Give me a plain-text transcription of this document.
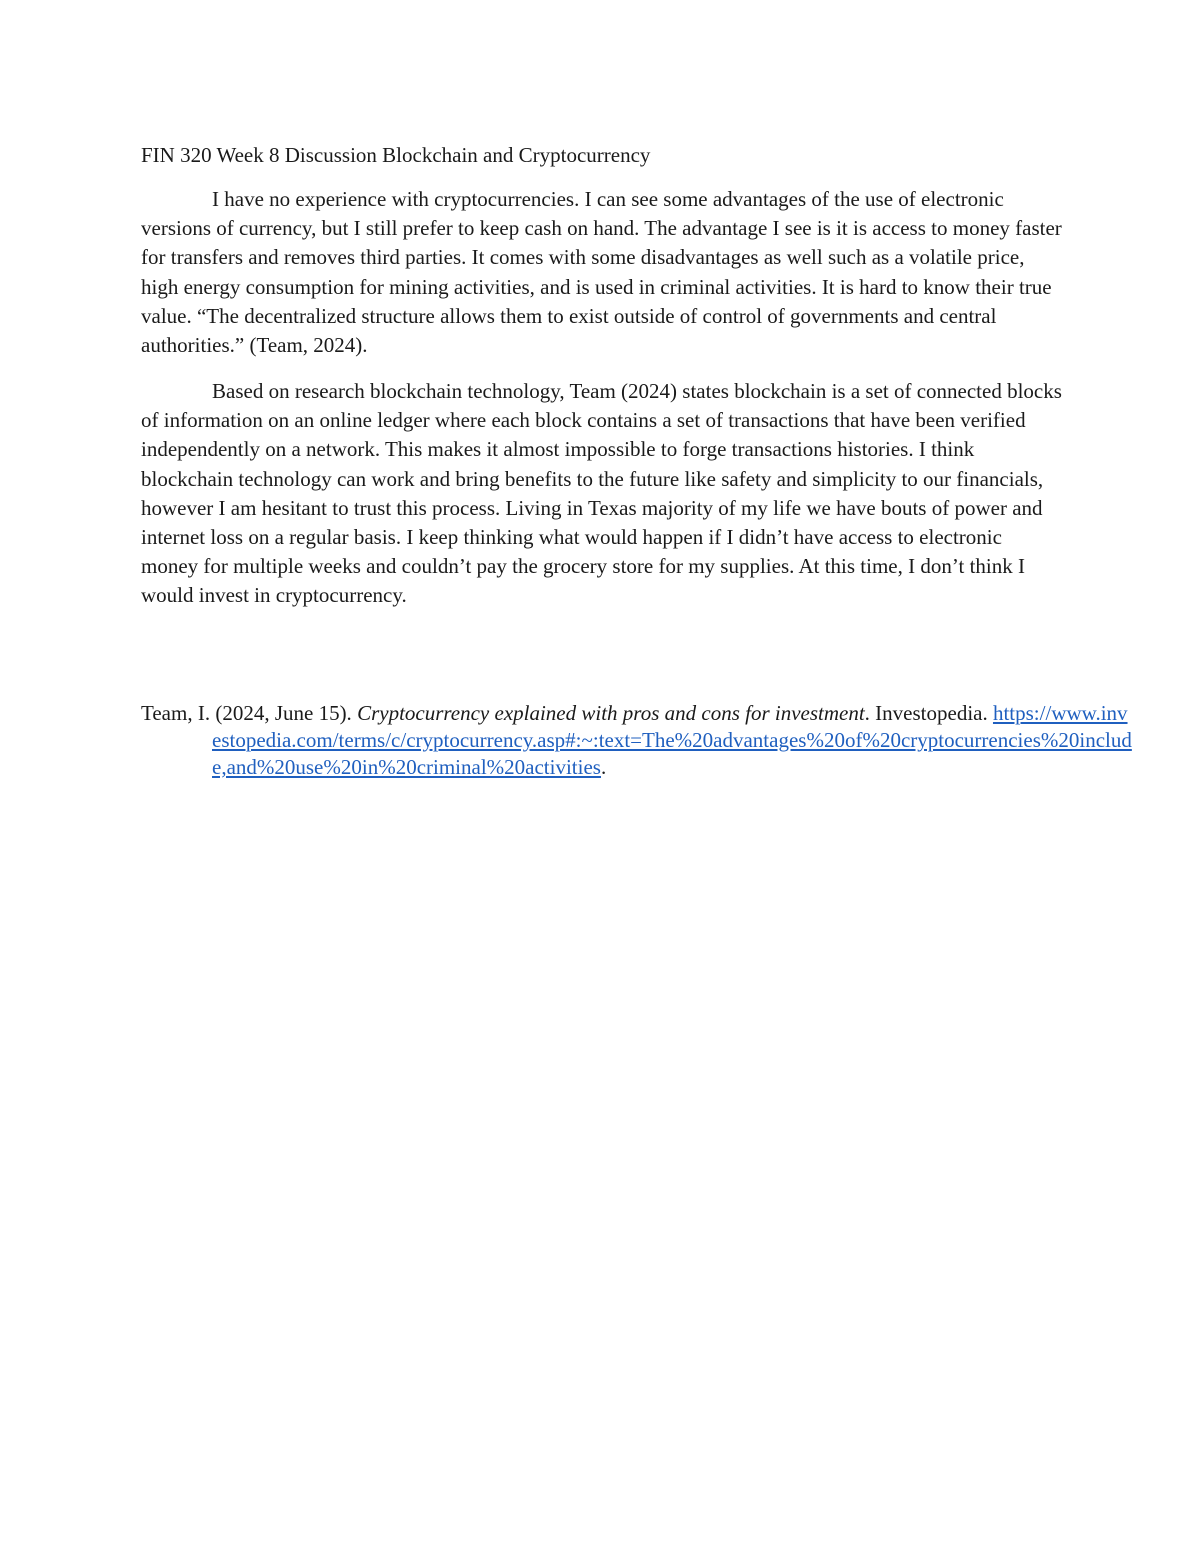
FIN 320 Week 8 Discussion Blockchain and Cryptocurrency

I have no experience with cryptocurrencies. I can see some advantages of the use of electronic versions of currency, but I still prefer to keep cash on hand. The advantage I see is it is access to money faster for transfers and removes third parties. It comes with some disadvantages as well such as a volatile price, high energy consumption for mining activities, and is used in criminal activities. It is hard to know their true value. “The decentralized structure allows them to exist outside of control of governments and central authorities.” (Team, 2024).

Based on research blockchain technology, Team (2024) states blockchain is a set of connected blocks of information on an online ledger where each block contains a set of transactions that have been verified independently on a network. This makes it almost impossible to forge transactions histories. I think blockchain technology can work and bring benefits to the future like safety and simplicity to our financials, however I am hesitant to trust this process. Living in Texas majority of my life we have bouts of power and internet loss on a regular basis. I keep thinking what would happen if I didn’t have access to electronic money for multiple weeks and couldn’t pay the grocery store for my supplies. At this time, I don’t think I would invest in cryptocurrency.

Team, I. (2024, June 15). Cryptocurrency explained with pros and cons for investment. Investopedia. https://www.investopedia.com/terms/c/cryptocurrency.asp#:~:text=The%20advantages%20of%20cryptocurrencies%20include,and%20use%20in%20criminal%20activities.
